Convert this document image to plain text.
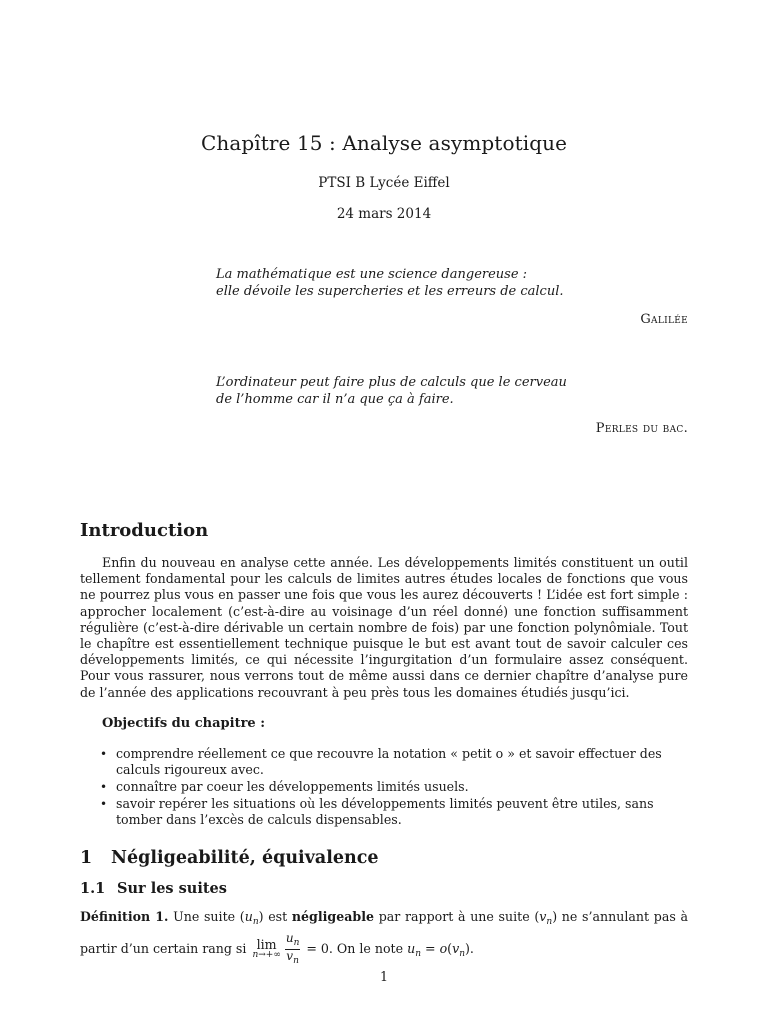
Chapître 15 : Analyse asymptotique
PTSI B Lycée Eiffel
24 mars 2014
La mathématique est une science dangereuse :
elle dévoile les supercheries et les erreurs de calcul.
Galilée
L’ordinateur peut faire plus de calculs que le cerveau
de l’homme car il n’a que ça à faire.
Perles du bac.
Introduction

Enfin du nouveau en analyse cette année. Les développements limités constituent un outil tellement fondamental pour les calculs de limites autres études locales de fonctions que vous ne pourrez plus vous en passer une fois que vous les aurez découverts ! L’idée est fort simple : approcher localement (c’est-à-dire au voisinage d’un réel donné) une fonction suffisamment régulière (c’est-à-dire dérivable un certain nombre de fois) par une fonction polynômiale. Tout le chapître est essentiellement technique puisque le but est avant tout de savoir calculer ces développements limités, ce qui nécessite l’ingurgitation d’un formulaire assez conséquent. Pour vous rassurer, nous verrons tout de même aussi dans ce dernier chapître d’analyse pure de l’année des applications recouvrant à peu près tous les domaines étudiés jusqu’ici.

Objectifs du chapitre :
• comprendre réellement ce que recouvre la notation « petit o » et savoir effectuer des calculs rigoureux avec.
• connaître par coeur les développements limités usuels.
• savoir repérer les situations où les développements limités peuvent être utiles, sans tomber dans l’excès de calculs dispensables.
1 Négligeabilité, équivalence
1.1 Sur les suites

Définition 1. Une suite $(u_n)$ est négligeable par rapport à une suite $(v_n)$ ne s’annulant pas à partir d’un certain rang si lim
$n\to+\infty \frac{u_n}{v_n} = 0$. On le note $u_n = o(v_n)$.

1
